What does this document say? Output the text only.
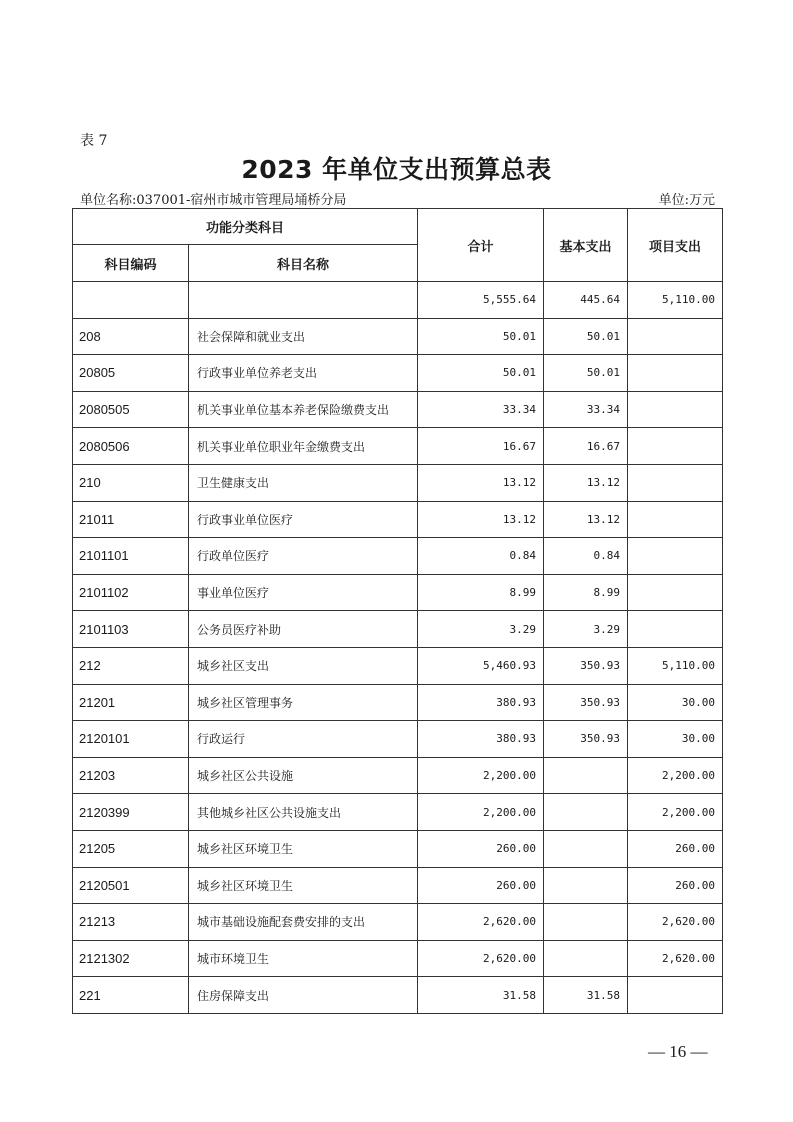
表 7
2023 年单位支出预算总表
单位名称:037001-宿州市城市管理局埇桥分局	单位:万元
功能分类科目		合计	基本支出	项目支出
科目编码	科目名称			
		5,555.64	445.64	5,110.00
208	社会保障和就业支出	50.01	50.01	
20805	行政事业单位养老支出	50.01	50.01	
2080505	机关事业单位基本养老保险缴费支出	33.34	33.34	
2080506	机关事业单位职业年金缴费支出	16.67	16.67	
210	卫生健康支出	13.12	13.12	
21011	行政事业单位医疗	13.12	13.12	
2101101	行政单位医疗	0.84	0.84	
2101102	事业单位医疗	8.99	8.99	
2101103	公务员医疗补助	3.29	3.29	
212	城乡社区支出	5,460.93	350.93	5,110.00
21201	城乡社区管理事务	380.93	350.93	30.00
2120101	行政运行	380.93	350.93	30.00
21203	城乡社区公共设施	2,200.00		2,200.00
2120399	其他城乡社区公共设施支出	2,200.00		2,200.00
21205	城乡社区环境卫生	260.00		260.00
2120501	城乡社区环境卫生	260.00		260.00
21213	城市基础设施配套费安排的支出	2,620.00		2,620.00
2121302	城市环境卫生	2,620.00		2,620.00
221	住房保障支出	31.58	31.58	
— 16 —
